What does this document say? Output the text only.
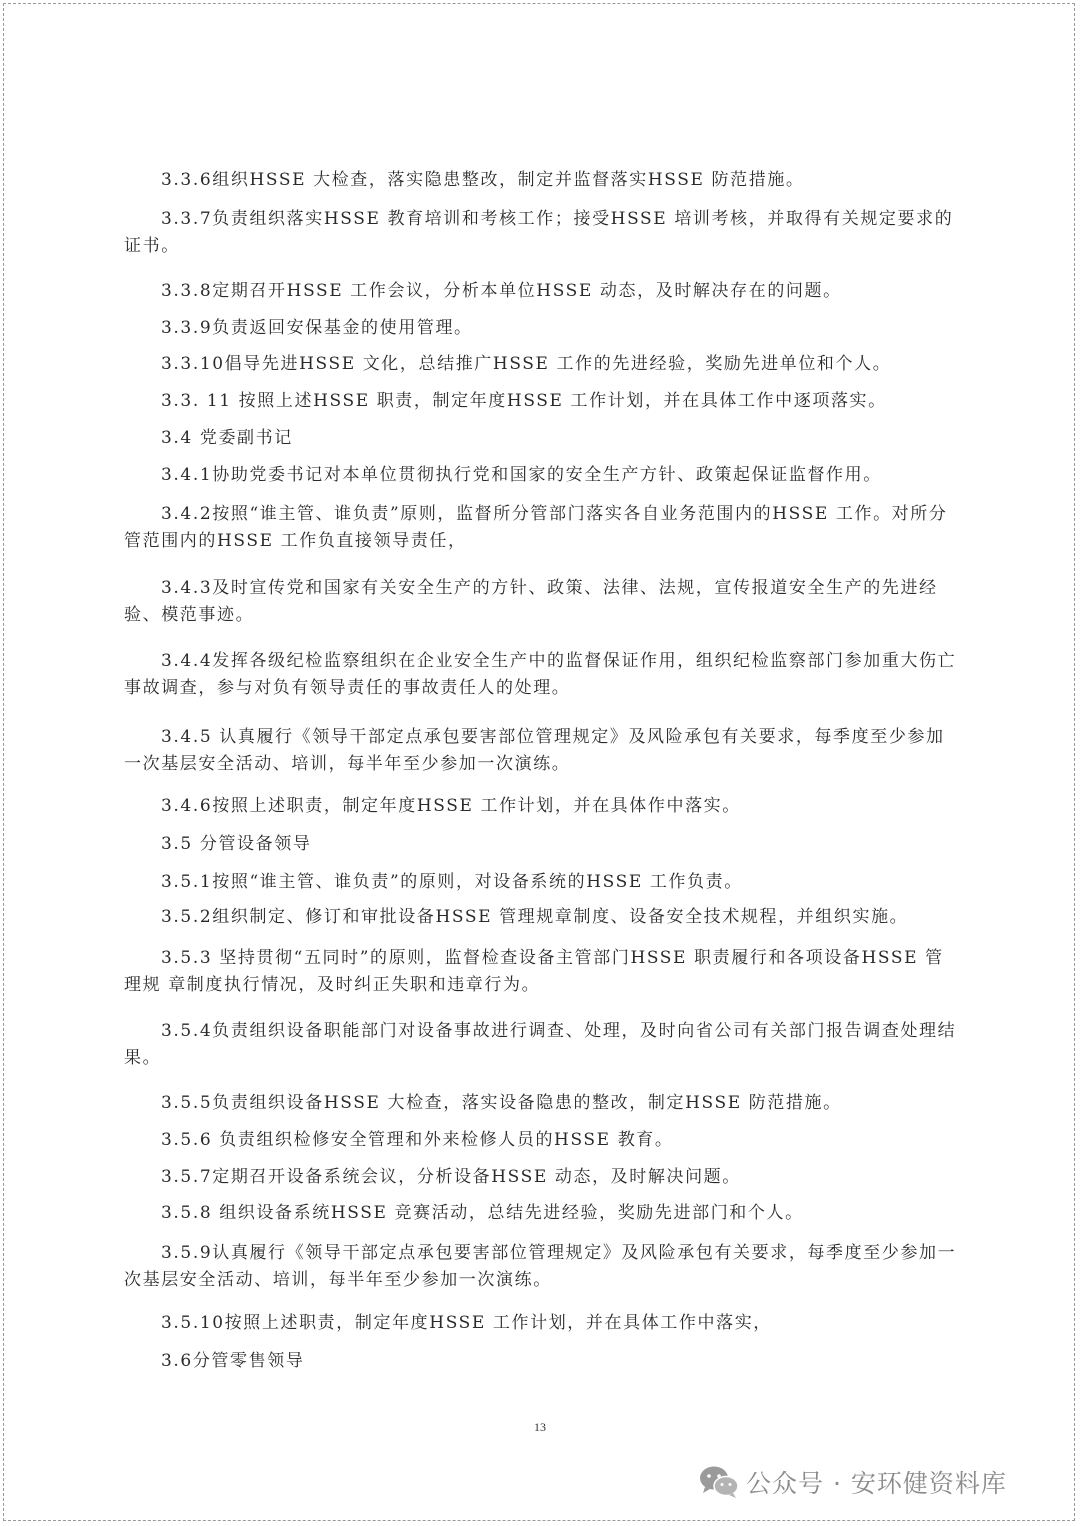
3.3.6组织HSSE 大检查，落实隐患整改，制定并监督落实HSSE 防范措施。

3.3.7负责组织落实HSSE 教育培训和考核工作；接受HSSE 培训考核，并取得有关规定要求的证书。

3.3.8定期召开HSSE 工作会议，分析本单位HSSE 动态，及时解决存在的问题。

3.3.9负责返回安保基金的使用管理。

3.3.10倡导先进HSSE 文化，总结推广HSSE 工作的先进经验，奖励先进单位和个人。

3.3. 11 按照上述HSSE 职责，制定年度HSSE 工作计划，并在具体工作中逐项落实。

3.4 党委副书记

3.4.1协助党委书记对本单位贯彻执行党和国家的安全生产方针、政策起保证监督作用。

3.4.2按照“谁主管、谁负责”原则，监督所分管部门落实各自业务范围内的HSSE 工作。对所分 管范围内的HSSE 工作负直接领导责任，

3.4.3及时宣传党和国家有关安全生产的方针、政策、法律、法规，宣传报道安全生产的先进经验、模范事迹。

3.4.4发挥各级纪检监察组织在企业安全生产中的监督保证作用，组织纪检监察部门参加重大伤亡事故调查，参与对负有领导责任的事故责任人的处理。

3.4.5 认真履行《领导干部定点承包要害部位管理规定》及风险承包有关要求，每季度至少参加一次基层安全活动、培训，每半年至少参加一次演练。

3.4.6按照上述职责，制定年度HSSE 工作计划，并在具体作中落实。

3.5 分管设备领导

3.5.1按照“谁主管、谁负责”的原则，对设备系统的HSSE 工作负责。

3.5.2组织制定、修订和审批设备HSSE 管理规章制度、设备安全技术规程，并组织实施。

3.5.3 坚持贯彻“五同时”的原则，监督检查设备主管部门HSSE 职责履行和各项设备HSSE 管理规 章制度执行情况，及时纠正失职和违章行为。

3.5.4负责组织设备职能部门对设备事故进行调查、处理，及时向省公司有关部门报告调查处理结果。

3.5.5负责组织设备HSSE 大检查，落实设备隐患的整改，制定HSSE 防范措施。

3.5.6 负责组织检修安全管理和外来检修人员的HSSE 教育。

3.5.7定期召开设备系统会议，分析设备HSSE 动态，及时解决问题。

3.5.8 组织设备系统HSSE 竞赛活动，总结先进经验，奖励先进部门和个人。

3.5.9认真履行《领导干部定点承包要害部位管理规定》及风险承包有关要求，每季度至少参加一次基层安全活动、培训，每半年至少参加一次演练。

3.5.10按照上述职责，制定年度HSSE 工作计划，并在具体工作中落实，

3.6分管零售领导

13
公众号 · 安环健资料库
